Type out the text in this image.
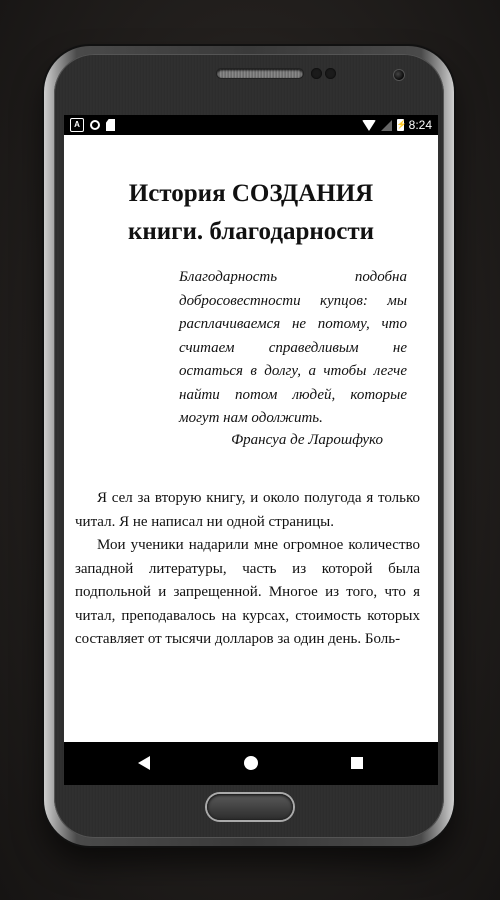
A	⚡ 8:24
История СОЗДАНИЯ
книги. благодарности
Благодарность подобна добросовестности купцов: мы расплачиваемся не потому, что считаем справедливым не остаться в долгу, а чтобы легче найти потом людей, которые могут нам одолжить.
Франсуа де Ларошфуко

Я сел за вторую книгу, и около полугода я только читал. Я не написал ни одной страницы.

Мои ученики надарили мне огромное количество западной литературы, часть из которой была подпольной и запрещенной. Многое из того, что я читал, преподавалось на курсах, стоимость которых составляет от тысячи долларов за один день. Боль-
